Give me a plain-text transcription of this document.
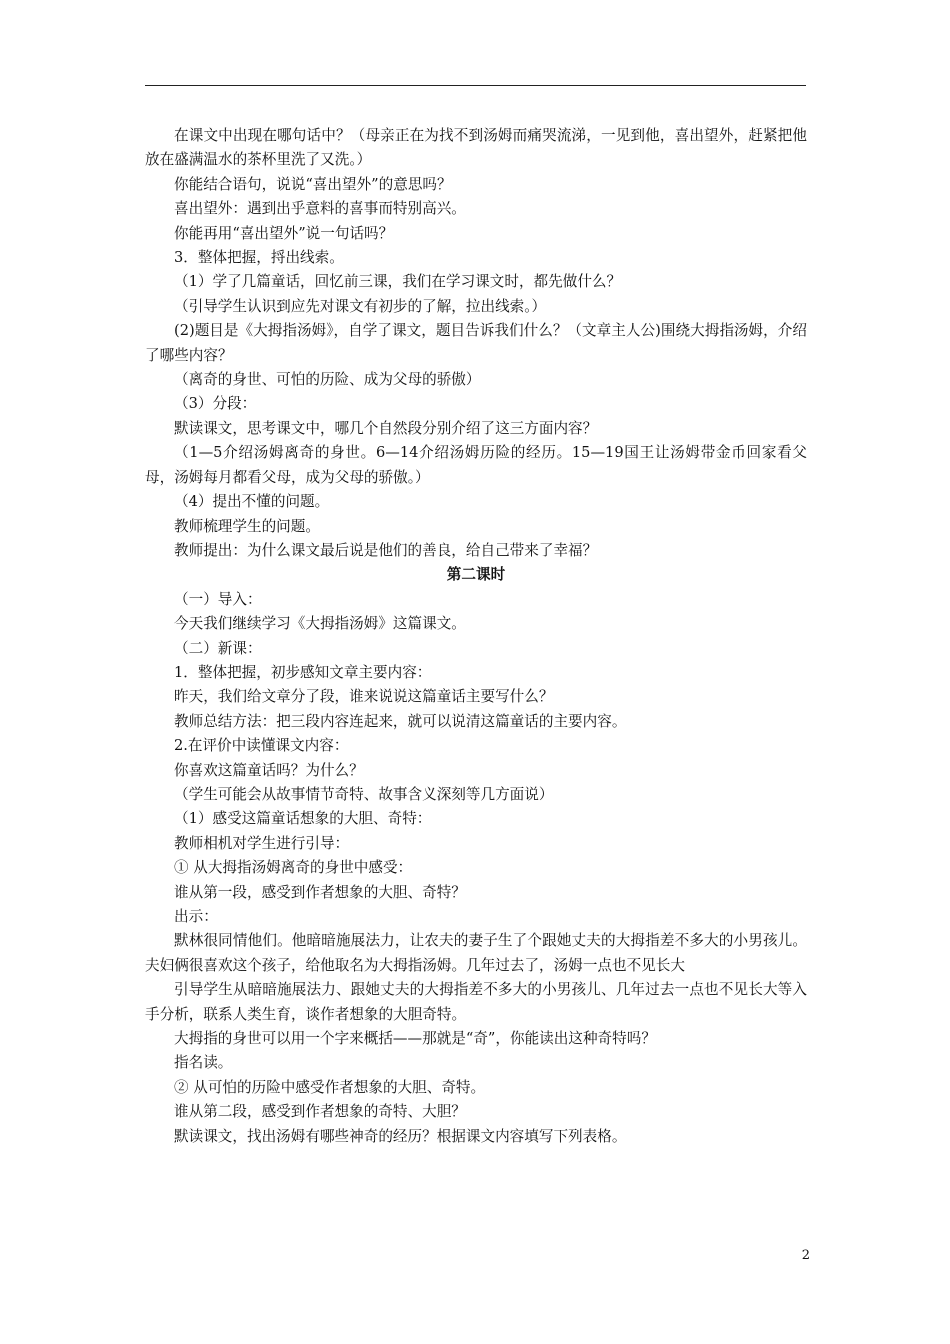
在课文中出现在哪句话中？（母亲正在为找不到汤姆而痛哭流涕，一见到他，喜出望外，赶紧把他放在盛满温水的茶杯里洗了又洗。）

你能结合语句，说说“喜出望外”的意思吗？

喜出望外：遇到出乎意料的喜事而特别高兴。

你能再用“喜出望外”说一句话吗？

3．整体把握，捋出线索。

（1）学了几篇童话，回忆前三课，我们在学习课文时，都先做什么？

（引导学生认识到应先对课文有初步的了解，拉出线索。）

(2)题目是《大拇指汤姆》，自学了课文，题目告诉我们什么？（文章主人公)围绕大拇指汤姆，介绍了哪些内容？

（离奇的身世、可怕的历险、成为父母的骄傲）

（3）分段：

默读课文，思考课文中，哪几个自然段分别介绍了这三方面内容？

（1—5介绍汤姆离奇的身世。6—14介绍汤姆历险的经历。15—19国王让汤姆带金币回家看父母，汤姆每月都看父母，成为父母的骄傲。）

（4）提出不懂的问题。

教师梳理学生的问题。

教师提出：为什么课文最后说是他们的善良，给自己带来了幸福？

第二课时

（一）导入：

今天我们继续学习《大拇指汤姆》这篇课文。

（二）新课：

1．整体把握，初步感知文章主要内容：

昨天，我们给文章分了段，谁来说说这篇童话主要写什么？

教师总结方法：把三段内容连起来，就可以说清这篇童话的主要内容。

2.在评价中读懂课文内容：

你喜欢这篇童话吗？为什么？

（学生可能会从故事情节奇特、故事含义深刻等几方面说）

（1）感受这篇童话想象的大胆、奇特：

教师相机对学生进行引导：

① 从大拇指汤姆离奇的身世中感受：

谁从第一段，感受到作者想象的大胆、奇特？

出示：

默林很同情他们。他暗暗施展法力，让农夫的妻子生了个跟她丈夫的大拇指差不多大的小男孩儿。夫妇俩很喜欢这个孩子，给他取名为大拇指汤姆。几年过去了，汤姆一点也不见长大

引导学生从暗暗施展法力、跟她丈夫的大拇指差不多大的小男孩儿、几年过去一点也不见长大等入手分析，联系人类生育，谈作者想象的大胆奇特。

大拇指的身世可以用一个字来概括——那就是“奇”，你能读出这种奇特吗？

指名读。

② 从可怕的历险中感受作者想象的大胆、奇特。

谁从第二段，感受到作者想象的奇特、大胆？

默读课文，找出汤姆有哪些神奇的经历？根据课文内容填写下列表格。

2
